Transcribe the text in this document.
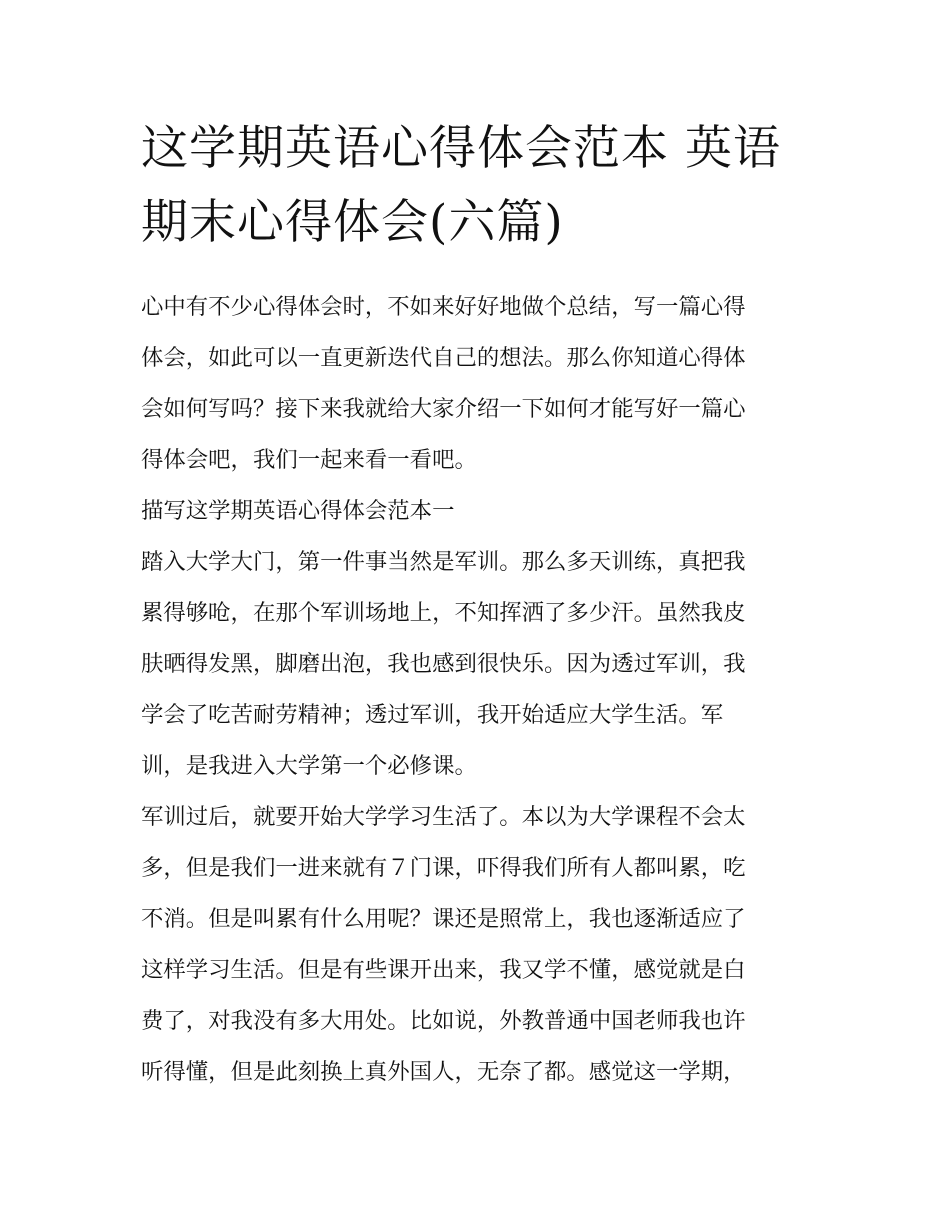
这学期英语心得体会范本 英语
期末心得体会(六篇)

心中有不少心得体会时，不如来好好地做个总结，写一篇心得

体会，如此可以一直更新迭代自己的想法。那么你知道心得体

会如何写吗？接下来我就给大家介绍一下如何才能写好一篇心

得体会吧，我们一起来看一看吧。

描写这学期英语心得体会范本一

踏入大学大门，第一件事当然是军训。那么多天训练，真把我

累得够呛，在那个军训场地上，不知挥洒了多少汗。虽然我皮

肤晒得发黑，脚磨出泡，我也感到很快乐。因为透过军训，我

学会了吃苦耐劳精神；透过军训，我开始适应大学生活。军

训，是我进入大学第一个必修课。

军训过后，就要开始大学学习生活了。本以为大学课程不会太

多，但是我们一进来就有７门课，吓得我们所有人都叫累，吃

不消。但是叫累有什么用呢？课还是照常上，我也逐渐适应了

这样学习生活。但是有些课开出来，我又学不懂，感觉就是白

费了，对我没有多大用处。比如说，外教普通中国老师我也许

听得懂，但是此刻换上真外国人，无奈了都。感觉这一学期，
